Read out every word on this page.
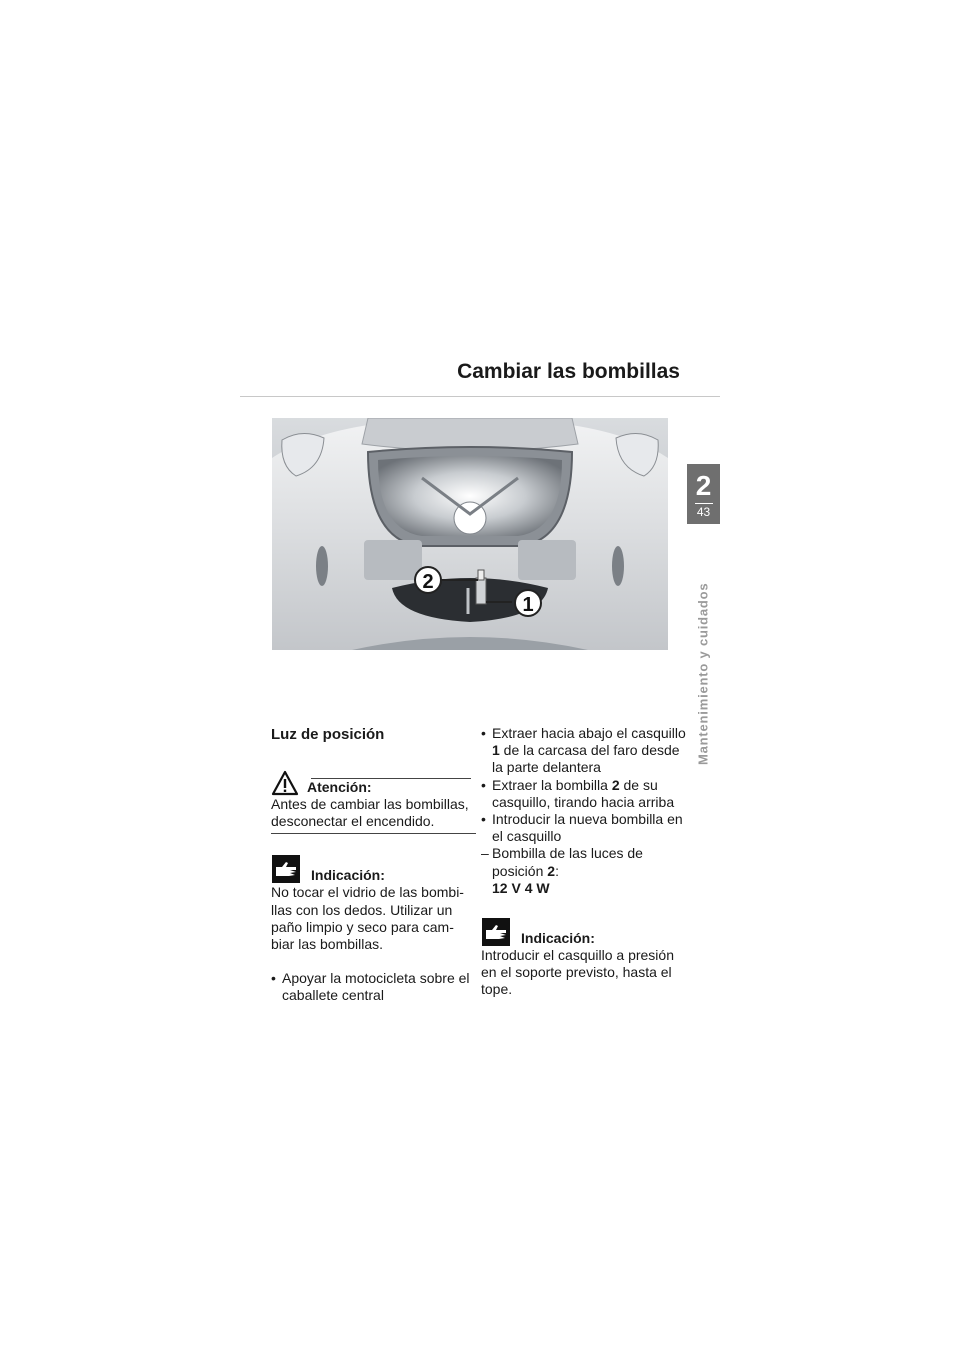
Cambiar las bombillas
2
1
2
43
Mantenimiento y cuidados
Luz de posición
Atención:

Antes de cambiar las bombillas, desconectar el encendido.

Indicación:

No tocar el vidrio de las bombi- llas con los dedos. Utilizar un paño limpio y seco para cam- biar las bombillas.

• Apoyar la motocicleta sobre el caballete central
• Extraer hacia abajo el casquillo 1 de la carcasa del faro desde la parte delantera
• Extraer la bombilla 2 de su casquillo, tirando hacia arriba
• Introducir la nueva bombilla en el casquillo
– Bombilla de las luces de posición 2:
12 V 4 W
Indicación:

Introducir el casquillo a presión en el soporte previsto, hasta el tope.
